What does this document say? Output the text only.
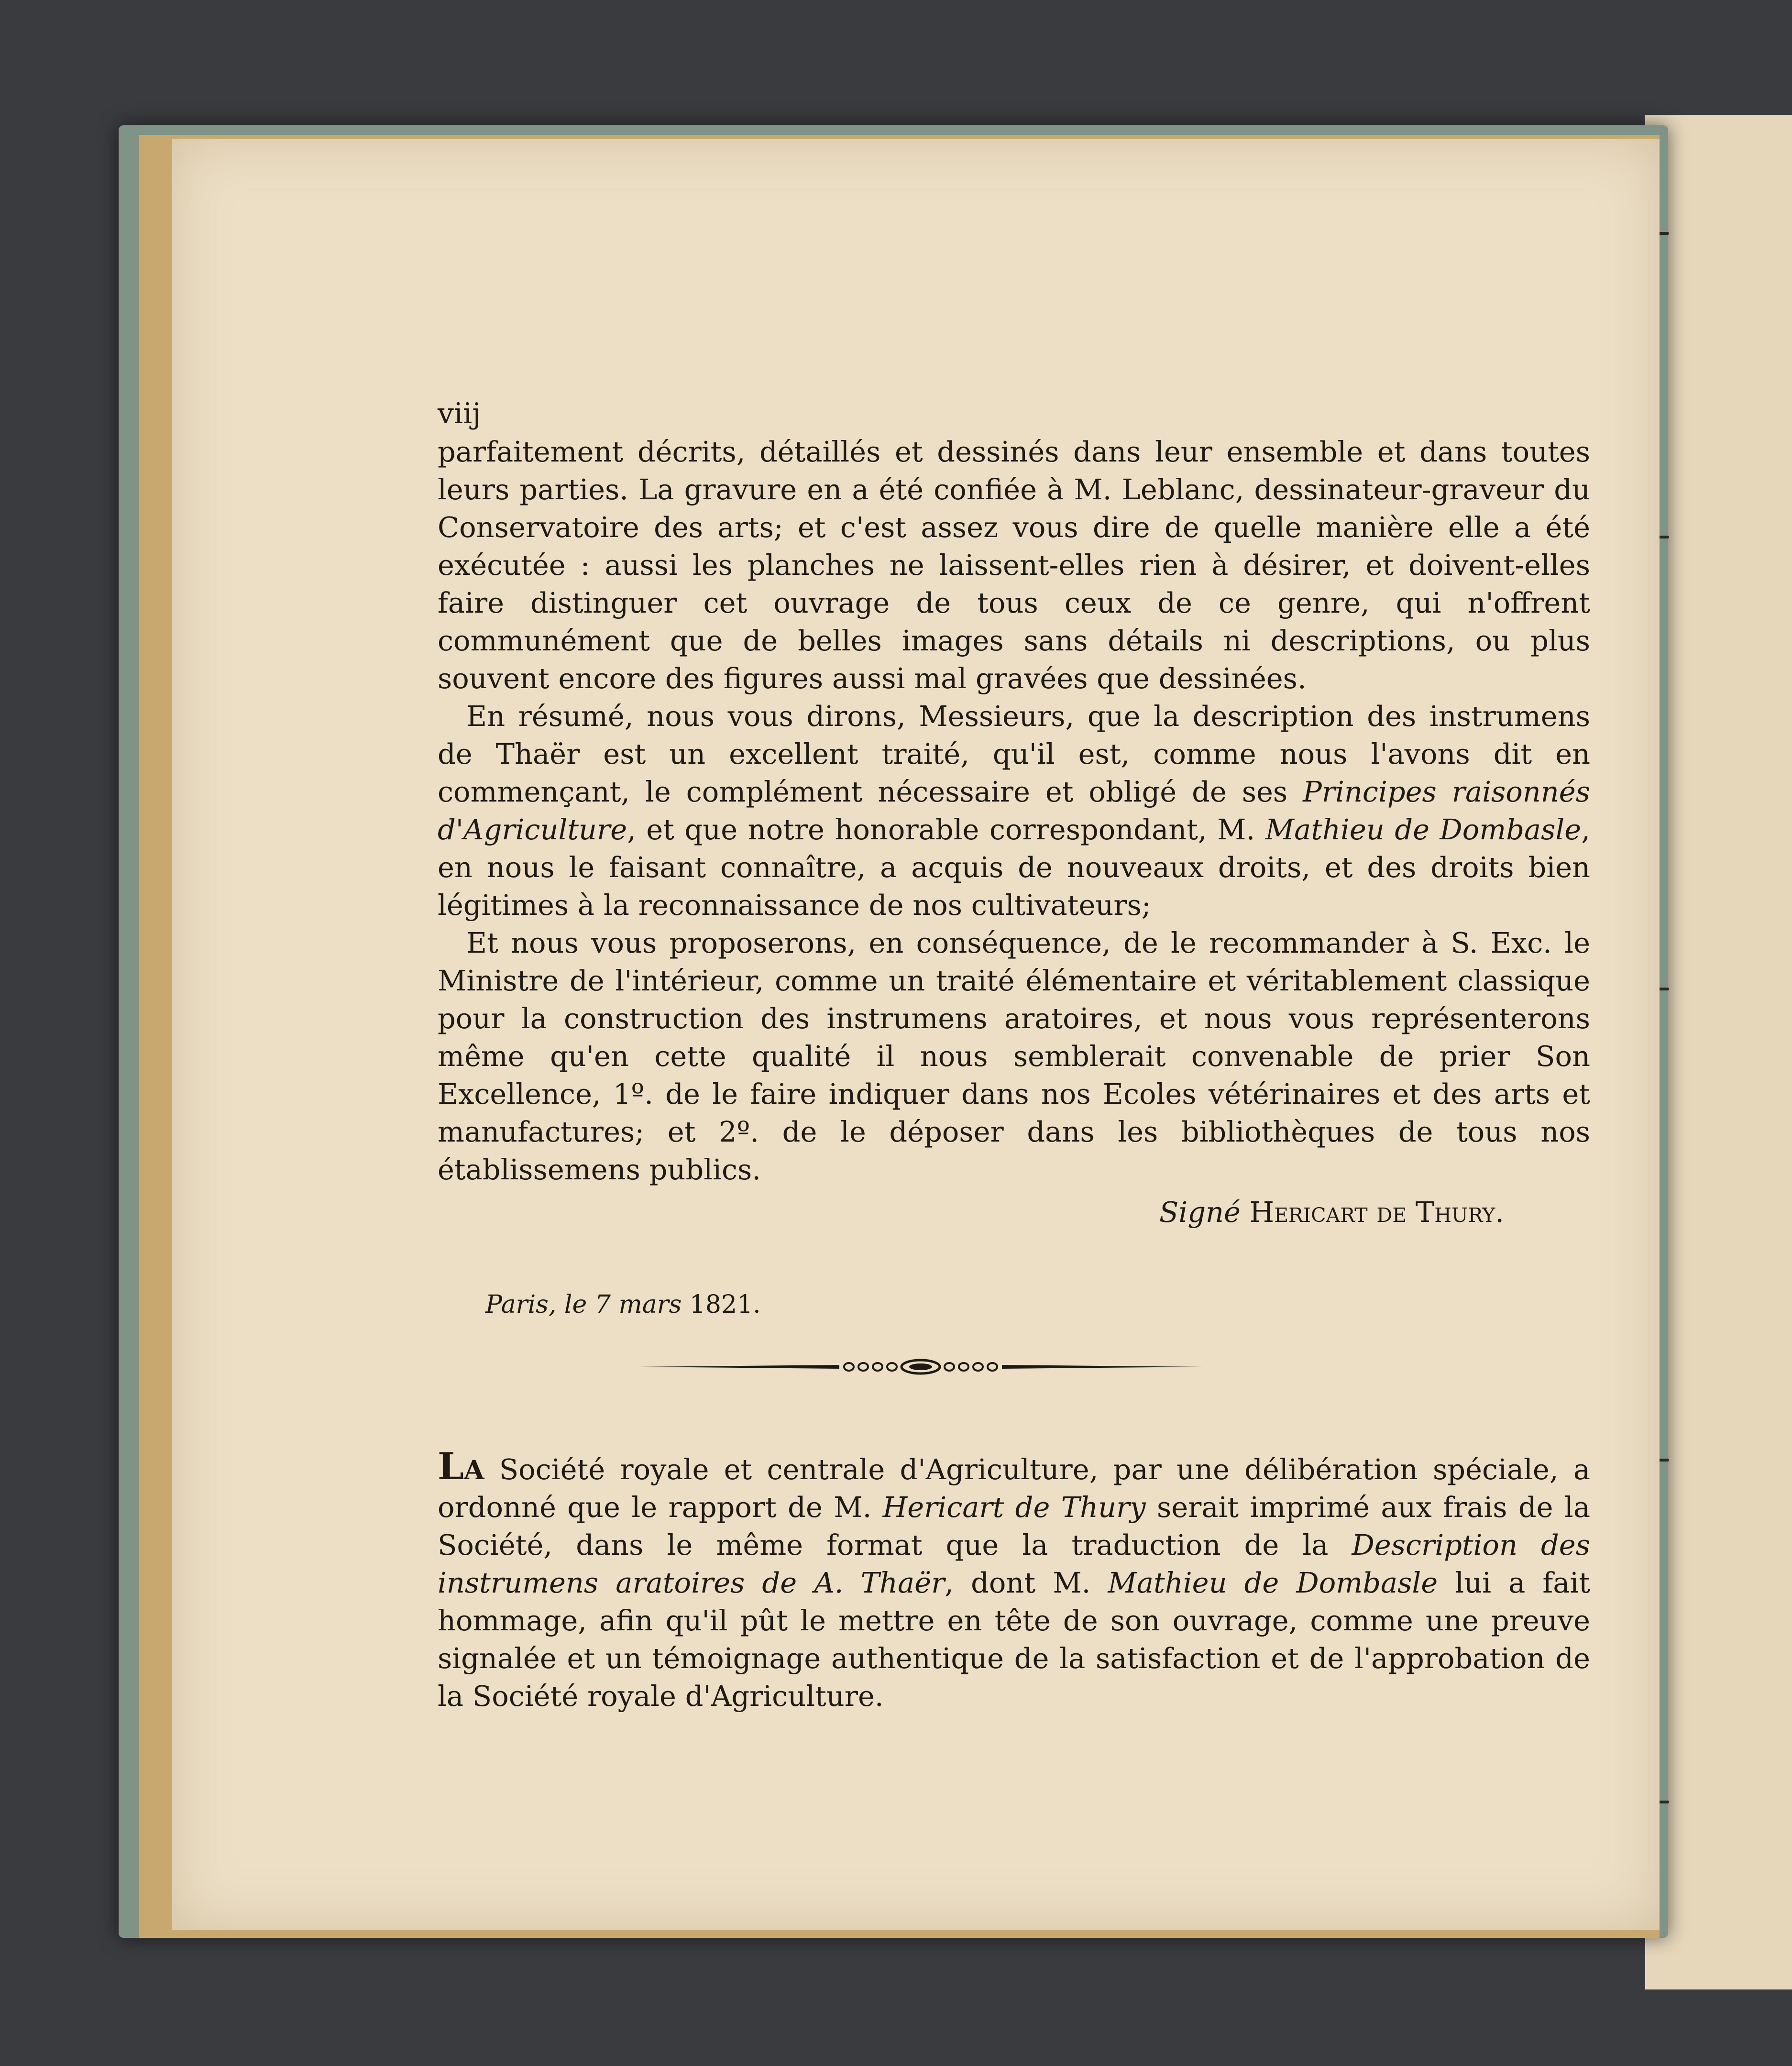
viij

parfaitement décrits, détaillés et dessinés dans leur ensemble et dans toutes leurs parties. La gravure en a été confiée à M. Leblanc, dessinateur-graveur du Conservatoire des arts; et c'est assez vous dire de quelle manière elle a été exécutée : aussi les planches ne laissent-elles rien à désirer, et doivent-elles faire distinguer cet ouvrage de tous ceux de ce genre, qui n'offrent communément que de belles images sans détails ni descriptions, ou plus souvent encore des figures aussi mal gravées que dessinées.

En résumé, nous vous dirons, Messieurs, que la description des instrumens de Thaër est un excellent traité, qu'il est, comme nous l'avons dit en commençant, le complément nécessaire et obligé de ses Principes raisonnés d'Agriculture, et que notre honorable correspondant, M. Mathieu de Dombasle, en nous le faisant connaître, a acquis de nouveaux droits, et des droits bien légitimes à la reconnaissance de nos cultivateurs;

Et nous vous proposerons, en conséquence, de le recommander à S. Exc. le Ministre de l'intérieur, comme un traité élémentaire et véritablement classique pour la construction des instrumens aratoires, et nous vous représenterons même qu'en cette qualité il nous semblerait convenable de prier Son Excellence, 1º. de le faire indiquer dans nos Ecoles vétérinaires et des arts et manufactures; et 2º. de le déposer dans les bibliothèques de tous nos établissemens publics.

Signé Hericart de Thury.
Paris, le 7 mars 1821.

La Société royale et centrale d'Agriculture, par une délibération spéciale, a ordonné que le rapport de M. Hericart de Thury serait imprimé aux frais de la Société, dans le même format que la traduction de la Description des instrumens aratoires de A. Thaër, dont M. Mathieu de Dombasle lui a fait hommage, afin qu'il pût le mettre en tête de son ouvrage, comme une preuve signalée et un témoignage authentique de la satisfaction et de l'approbation de la Société royale d'Agriculture.
